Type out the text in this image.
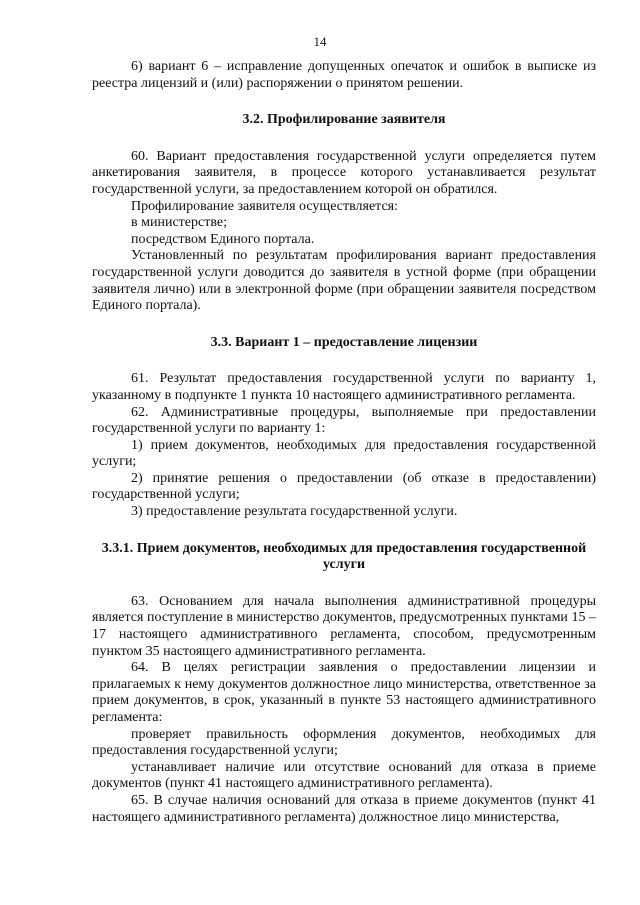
14
6) вариант 6 – исправление допущенных опечаток и ошибок в выписке из реестра лицензий и (или) распоряжении о принятом решении.
3.2. Профилирование заявителя
60. Вариант предоставления государственной услуги определяется путем анкетирования заявителя, в процессе которого устанавливается результат государственной услуги, за предоставлением которой он обратился.
Профилирование заявителя осуществляется:
в министерстве;
посредством Единого портала.
Установленный по результатам профилирования вариант предоставления государственной услуги доводится до заявителя в устной форме (при обращении заявителя лично) или в электронной форме (при обращении заявителя посредством Единого портала).
3.3. Вариант 1 – предоставление лицензии
61. Результат предоставления государственной услуги по варианту 1, указанному в подпункте 1 пункта 10 настоящего административного регламента.
62. Административные процедуры, выполняемые при предоставлении государственной услуги по варианту 1:
1) прием документов, необходимых для предоставления государственной услуги;
2) принятие решения о предоставлении (об отказе в предоставлении) государственной услуги;
3) предоставление результата государственной услуги.
3.3.1. Прием документов, необходимых для предоставления государственной услуги
63. Основанием для начала выполнения административной процедуры является поступление в министерство документов, предусмотренных пунктами 15 – 17 настоящего административного регламента, способом, предусмотренным пунктом 35 настоящего административного регламента.
64. В целях регистрации заявления о предоставлении лицензии и прилагаемых к нему документов должностное лицо министерства, ответственное за прием документов, в срок, указанный в пункте 53 настоящего административного регламента:
проверяет правильность оформления документов, необходимых для предоставления государственной услуги;
устанавливает наличие или отсутствие оснований для отказа в приеме документов (пункт 41 настоящего административного регламента).
65. В случае наличия оснований для отказа в приеме документов (пункт 41 настоящего административного регламента) должностное лицо министерства,
